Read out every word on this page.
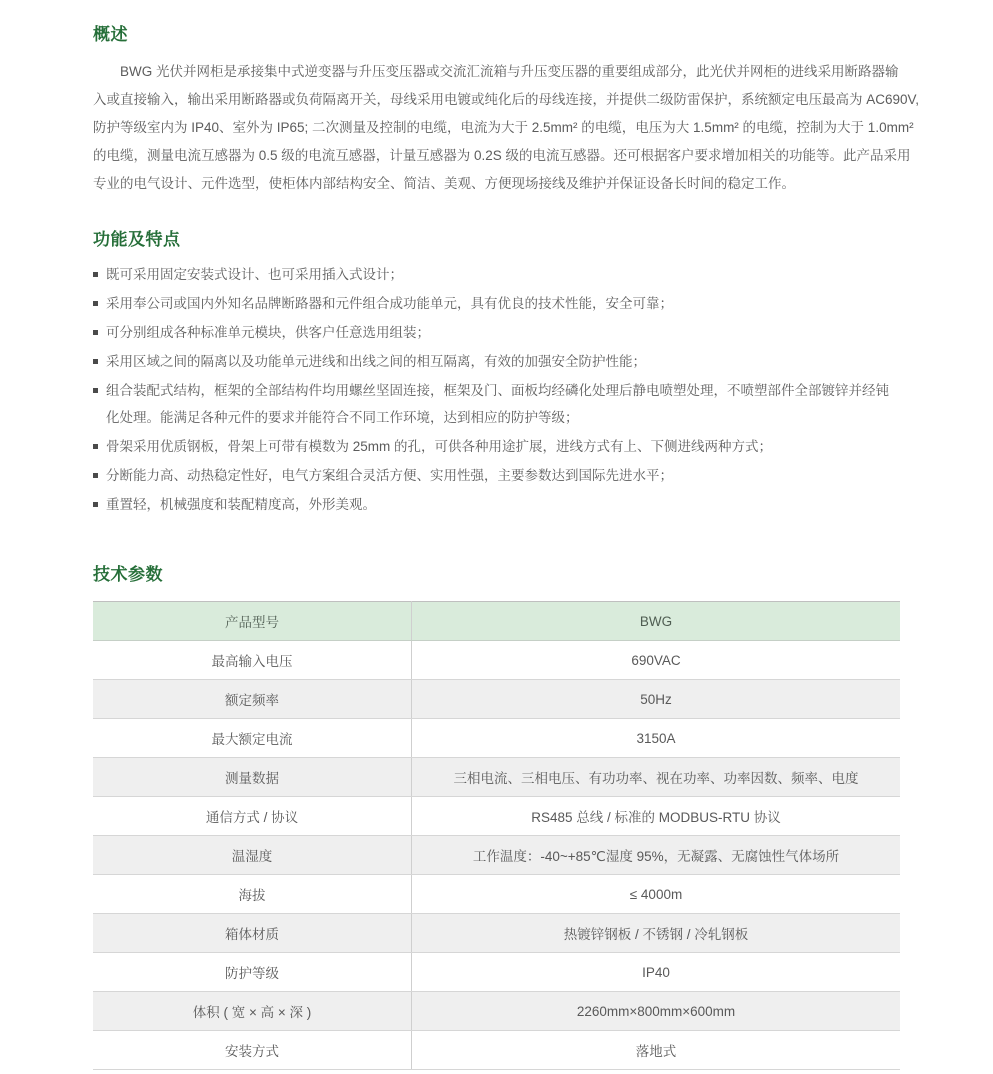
概述
BWG 光伏并网柜是承接集中式逆变器与升压变压器或交流汇流箱与升压变压器的重要组成部分，此光伏并网柜的进线采用断路器输
入或直接输入，输出采用断路器或负荷隔离开关，母线采用电镀或纯化后的母线连接，并提供二级防雷保护，系统额定电压最高为 AC690V,
防护等级室内为 IP40、室外为 IP65; 二次测量及控制的电缆，电流为大于 2.5mm² 的电缆，电压为大 1.5mm² 的电缆，控制为大于 1.0mm²
的电缆，测量电流互感器为 0.5 级的电流互感器，计量互感器为 0.2S 级的电流互感器。还可根据客户要求增加相关的功能等。此产品采用
专业的电气设计、元件选型，使柜体内部结构安全、简洁、美观、方便现场接线及维护并保证设备长时间的稳定工作。
功能及特点
既可采用固定安装式设计、也可采用插入式设计；
采用奉公司或国内外知名品牌断路器和元件组合成功能单元，具有优良的技术性能，安全可靠；
可分别组成各种标准单元模块，供客户任意选用组装；
采用区域之间的隔离以及功能单元进线和出线之间的相互隔离，有效的加强安全防护性能；
组合装配式结构，框架的全部结构件均用螺丝坚固连接，框架及门、面板均经磷化处理后静电喷塑处理，不喷塑部件全部镀锌并经钝化处理。能满足各种元件的要求并能符合不同工作环境，达到相应的防护等级；
骨架采用优质钢板，骨架上可带有模数为 25mm 的孔，可供各种用途扩展，进线方式有上、下侧进线两种方式；
分断能力高、动热稳定性好，电气方案组合灵活方便、实用性强，主要参数达到国际先进水平；
重置轻，机械强度和装配精度高，外形美观。
技术参数
产品型号	BWG
最高输入电压	690VAC
额定频率	50Hz
最大额定电流	3150A
测量数据	三相电流、三相电压、有功功率、视在功率、功率因数、频率、电度
通信方式 / 协议	RS485 总线 / 标准的 MODBUS-RTU 协议
温湿度	工作温度：-40~+85℃湿度 95%，无凝露、无腐蚀性气体场所
海拔	≤ 4000m
箱体材质	热镀锌钢板 / 不锈钢 / 冷轧钢板
防护等级	IP40
体积 ( 宽 × 高 × 深 )	2260mm×800mm×600mm
安装方式	落地式
